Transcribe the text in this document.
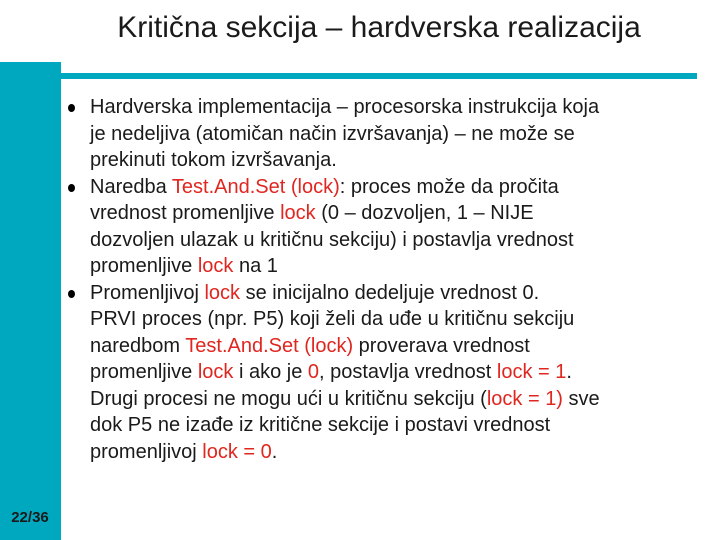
Kritična sekcija – hardverska realizacija
22/36
Hardverska implementacija – procesorska instrukcija koja
je nedeljiva (atomičan način izvršavanja) – ne može se
prekinuti tokom izvršavanja.
Naredba Test.And.Set (lock): proces može da pročita
vrednost promenljive lock (0 – dozvoljen, 1 – NIJE
dozvoljen ulazak u kritičnu sekciju) i postavlja vrednost
promenljive lock na 1
Promenljivoj lock se inicijalno dedeljuje vrednost 0.
PRVI proces (npr. P5) koji želi da uđe u kritičnu sekciju
naredbom Test.And.Set (lock) proverava vrednost
promenljive lock i ako je 0, postavlja vrednost lock = 1.
Drugi procesi ne mogu ući u kritičnu sekciju (lock = 1) sve
dok P5 ne izađe iz kritične sekcije i postavi vrednost
promenljivoj lock = 0.
